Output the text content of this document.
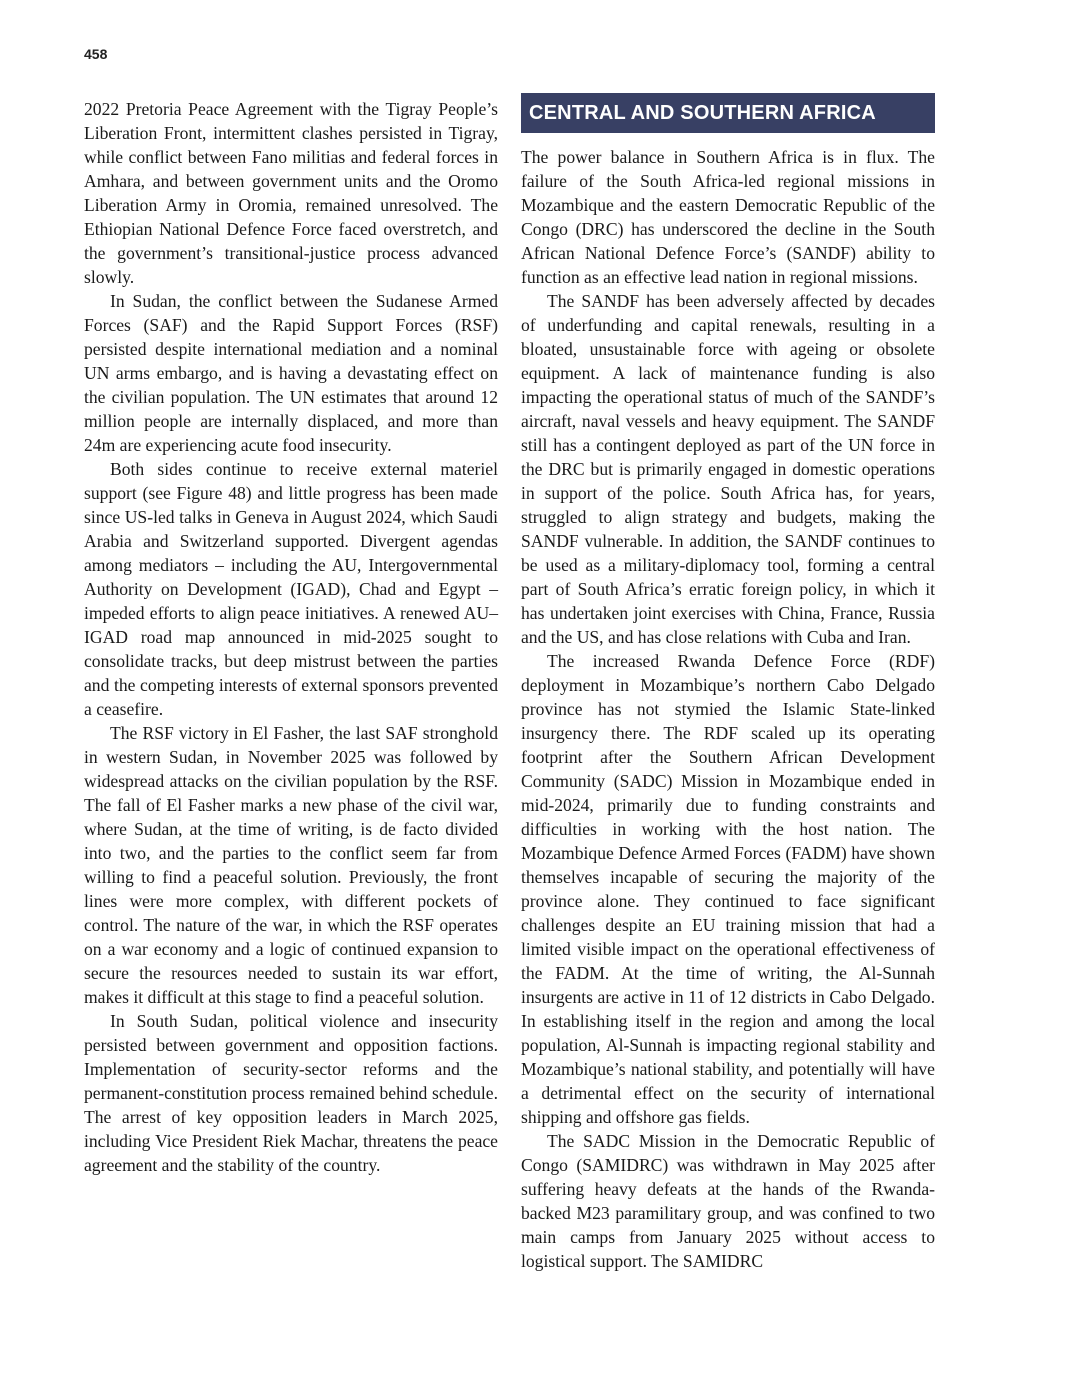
458

2022 Pretoria Peace Agreement with the Tigray People’s Liberation Front, intermittent clashes persisted in Tigray, while conflict between Fano militias and federal forces in Amhara, and between government units and the Oromo Liberation Army in Oromia, remained unresolved. The Ethiopian National Defence Force faced overstretch, and the government’s transitional-justice process advanced slowly.

In Sudan, the conflict between the Sudanese Armed Forces (SAF) and the Rapid Support Forces (RSF) persisted despite international mediation and a nominal UN arms embargo, and is having a devastating effect on the civilian population. The UN estimates that around 12 million people are internally displaced, and more than 24m are experiencing acute food insecurity.

Both sides continue to receive external materiel support (see Figure 48) and little progress has been made since US-led talks in Geneva in August 2024, which Saudi Arabia and Switzerland supported. Divergent agendas among mediators – including the AU, Intergovernmental Authority on Development (IGAD), Chad and Egypt – impeded efforts to align peace initiatives. A renewed AU–IGAD road map announced in mid-2025 sought to consolidate tracks, but deep mistrust between the parties and the competing interests of external sponsors prevented a ceasefire.

The RSF victory in El Fasher, the last SAF stronghold in western Sudan, in November 2025 was followed by widespread attacks on the civilian population by the RSF. The fall of El Fasher marks a new phase of the civil war, where Sudan, at the time of writing, is de facto divided into two, and the parties to the conflict seem far from willing to find a peaceful solution. Previously, the front lines were more complex, with different pockets of control. The nature of the war, in which the RSF operates on a war economy and a logic of continued expansion to secure the resources needed to sustain its war effort, makes it difficult at this stage to find a peaceful solution.

In South Sudan, political violence and insecurity persisted between government and opposition factions. Implementation of security-sector reforms and the permanent-constitution process remained behind schedule. The arrest of key opposition leaders in March 2025, including Vice President Riek Machar, threatens the peace agreement and the stability of the country.

CENTRAL AND SOUTHERN AFRICA

The power balance in Southern Africa is in flux. The failure of the South Africa-led regional missions in Mozambique and the eastern Democratic Republic of the Congo (DRC) has underscored the decline in the South African National Defence Force’s (SANDF) ability to function as an effective lead nation in regional missions.

The SANDF has been adversely affected by decades of underfunding and capital renewals, resulting in a bloated, unsustainable force with ageing or obsolete equipment. A lack of maintenance funding is also impacting the operational status of much of the SANDF’s aircraft, naval vessels and heavy equipment. The SANDF still has a contingent deployed as part of the UN force in the DRC but is primarily engaged in domestic operations in support of the police. South Africa has, for years, struggled to align strategy and budgets, making the SANDF vulnerable. In addition, the SANDF continues to be used as a military-diplomacy tool, forming a central part of South Africa’s erratic foreign policy, in which it has undertaken joint exercises with China, France, Russia and the US, and has close relations with Cuba and Iran.

The increased Rwanda Defence Force (RDF) deployment in Mozambique’s northern Cabo Delgado province has not stymied the Islamic State-linked insurgency there. The RDF scaled up its operating footprint after the Southern African Development Community (SADC) Mission in Mozambique ended in mid-2024, primarily due to funding constraints and difficulties in working with the host nation. The Mozambique Defence Armed Forces (FADM) have shown themselves incapable of securing the majority of the province alone. They continued to face significant challenges despite an EU training mission that had a limited visible impact on the operational effectiveness of the FADM. At the time of writing, the Al-Sunnah insurgents are active in 11 of 12 districts in Cabo Delgado. In establishing itself in the region and among the local population, Al-Sunnah is impacting regional stability and Mozambique’s national stability, and potentially will have a detrimental effect on the security of international shipping and offshore gas fields.

The SADC Mission in the Democratic Republic of Congo (SAMIDRC) was withdrawn in May 2025 after suffering heavy defeats at the hands of the Rwanda-backed M23 paramilitary group, and was confined to two main camps from January 2025 without access to logistical support. The SAMIDRC
